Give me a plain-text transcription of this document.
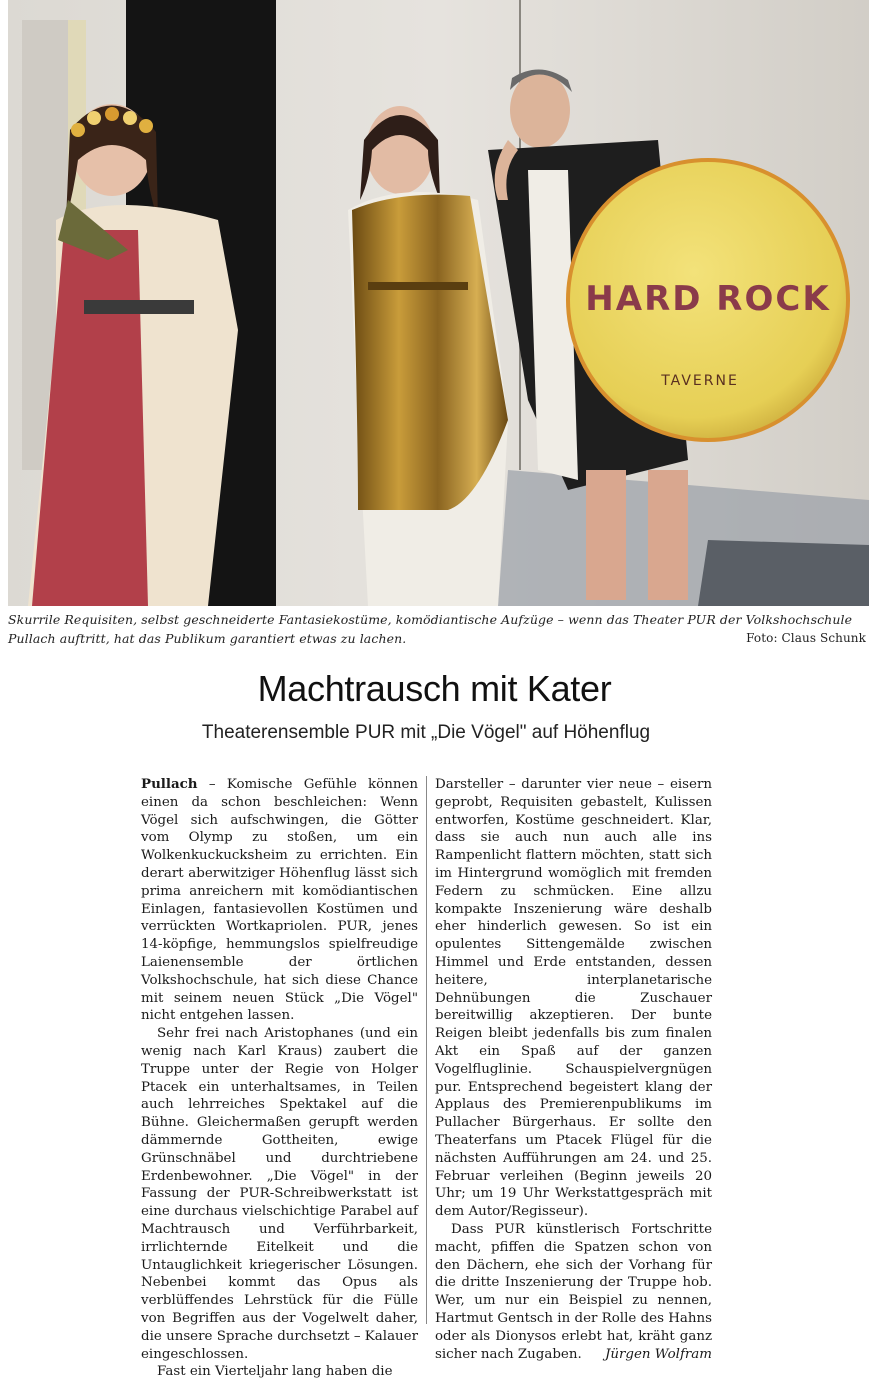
HARD ROCK
TAVERNE
Skurrile Requisiten, selbst geschneiderte Fantasiekostüme, komödiantische Aufzüge – wenn das Theater PUR der Volkshochschule Pullach auftritt, hat das Publikum garantiert etwas zu lachen.	Foto: Claus Schunk
Machtrausch mit Kater
Theaterensemble PUR mit „Die Vögel" auf Höhenflug

Pullach – Komische Gefühle können einen da schon beschleichen: Wenn Vögel sich aufschwingen, die Götter vom Olymp zu stoßen, um ein Wolkenkuckucksheim zu errichten. Ein derart aberwitziger Höhenflug lässt sich prima anreichern mit komödiantischen Einlagen, fantasievollen Kostümen und verrückten Wortkapriolen. PUR, jenes 14-köpfige, hemmungslos spielfreudige Laienensemble der örtlichen Volkshochschule, hat sich diese Chance mit seinem neuen Stück „Die Vögel" nicht entgehen lassen.

Sehr frei nach Aristophanes (und ein wenig nach Karl Kraus) zaubert die Truppe unter der Regie von Holger Ptacek ein unterhaltsames, in Teilen auch lehrreiches Spektakel auf die Bühne. Gleichermaßen gerupft werden dämmernde Gottheiten, ewige Grünschnäbel und durchtriebene Erdenbewohner. „Die Vögel" in der Fassung der PUR-Schreibwerkstatt ist eine durchaus vielschichtige Parabel auf Machtrausch und Verführbarkeit, irrlichternde Eitelkeit und die Untauglichkeit kriegerischer Lösungen. Nebenbei kommt das Opus als verblüffendes Lehrstück für die Fülle von Begriffen aus der Vogelwelt daher, die unsere Sprache durchsetzt – Kalauer eingeschlossen.

Fast ein Vierteljahr lang haben die

Darsteller – darunter vier neue – eisern geprobt, Requisiten gebastelt, Kulissen entworfen, Kostüme geschneidert. Klar, dass sie auch nun auch alle ins Rampenlicht flattern möchten, statt sich im Hintergrund womöglich mit fremden Federn zu schmücken. Eine allzu kompakte Inszenierung wäre deshalb eher hinderlich gewesen. So ist ein opulentes Sittengemälde zwischen Himmel und Erde entstanden, dessen heitere, interplanetarische Dehnübungen die Zuschauer bereitwillig akzeptieren. Der bunte Reigen bleibt jedenfalls bis zum finalen Akt ein Spaß auf der ganzen Vogelfluglinie. Schauspielvergnügen pur. Entsprechend begeistert klang der Applaus des Premierenpublikums im Pullacher Bürgerhaus. Er sollte den Theaterfans um Ptacek Flügel für die nächsten Aufführungen am 24. und 25. Februar verleihen (Beginn jeweils 20 Uhr; um 19 Uhr Werkstattgespräch mit dem Autor/Regisseur).

Dass PUR künstlerisch Fortschritte macht, pfiffen die Spatzen schon von den Dächern, ehe sich der Vorhang für die dritte Inszenierung der Truppe hob. Wer, um nur ein Beispiel zu nennen, Hartmut Gentsch in der Rolle des Hahns oder als Dionysos erlebt hat, kräht ganz sicher nach Zugaben.	Jürgen Wolfram
